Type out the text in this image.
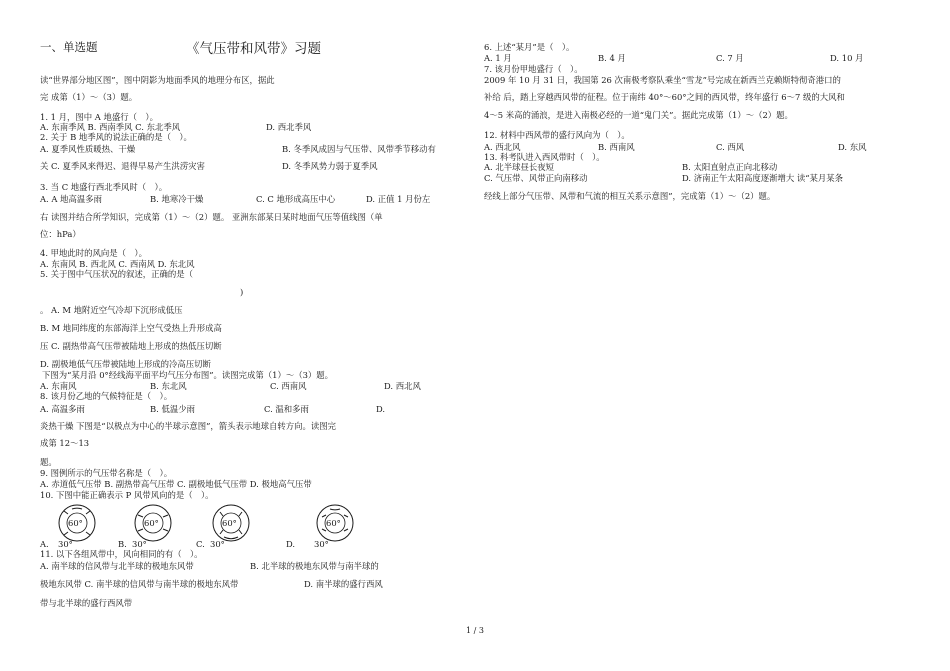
一、单选题	《气压带和风带》习题
读“世界部分地区图”，图中阴影为地面季风的地理分布区，据此
完 成第（1）～（3）题。
1. 1 月，图中 A 地盛行（　）。
A. 东南季风 B. 西南季风 C. 东北季风	D. 西北季风
2. 关于 B 地季风的说法正确的是（　）。
A. 夏季风性质暖热、干燥	B. 冬季风成因与气压带、风带季节移动有
关 C. 夏季风来得迟、退得早易产生洪涝灾害	D. 冬季风势力弱于夏季风
3. 当 C 地盛行西北季风时（　）。
A. A 地高温多雨	B. 地寒冷干燥	C. C 地形成高压中心	D. 正值 1 月份左
右 读图并结合所学知识，完成第（1）～（2）题。 亚洲东部某日某时地面气压等值线图（单
位：hPa）
4. 甲地此时的风向是（　）。
A. 东南风 B. 西北风 C. 西南风 D. 东北风
5. 关于图中气压状况的叙述，正确的是（
)
。 A. M 地附近空气冷却下沉形成低压
B. M 地同纬度的东部海洋上空气受热上升形成高
压 C. 副热带高气压带被陆地上形成的热低压切断
D. 副极地低气压带被陆地上形成的冷高压切断
下图为“某月沿 0°经线海平面平均气压分布图”。读图完成第（1）～（3）题。
A. 东南风	B. 东北风	C. 西南风	D. 西北风
8. 该月份乙地的气候特征是（　）。
A. 高温多雨	B. 低温少雨	C. 温和多雨	D.
炎热干燥 下图是“以极点为中心的半球示意图”，箭头表示地球自转方向。读图完
成第 12～13
题。
9. 图例所示的气压带名称是（　）。
A. 赤道低气压带 B. 副热带高气压带 C. 副极地低气压带 D. 极地高气压带
10. 下图中能正确表示 P 风带风向的是（　）。
A.
60°
30°	B.
60°
30°	C.
60°
30°	D.
60°
30°
11. 以下各组风带中，风向相同的有（　）。
A. 南半球的信风带与北半球的极地东风带	B. 北半球的极地东风带与南半球的
极地东风带 C. 南半球的信风带与南半球的极地东风带	D. 南半球的盛行西风
带与北半球的盛行西风带
6. 上述“某月”是（　）。
A. 1 月	B. 4 月	C. 7 月	D. 10 月
7. 该月份甲地盛行（　）。
2009 年 10 月 31 日，我国第 26 次南极考察队乘坐“雪龙”号完成在新西兰克赖斯特彻奇港口的
补给 后，踏上穿越西风带的征程。位于南纬 40°～60°之间的西风带，终年盛行 6～7 级的大风和
4～5 米高的涌浪，是进入南极必经的一道“鬼门关”。据此完成第（1）～（2）题。
12. 材料中西风带的盛行风向为（　）。
A. 西北风	B. 西南风	C. 西风	D. 东风
13. 科考队进入西风带时（　）。
A. 北半球昼长夜短	B. 太阳直射点正向北移动
C. 气压带、风带正向南移动	D. 济南正午太阳高度逐渐增大 读“某月某条
经线上部分气压带、风带和气流的相互关系示意图”，完成第（1）～（2）题。
1 / 3
